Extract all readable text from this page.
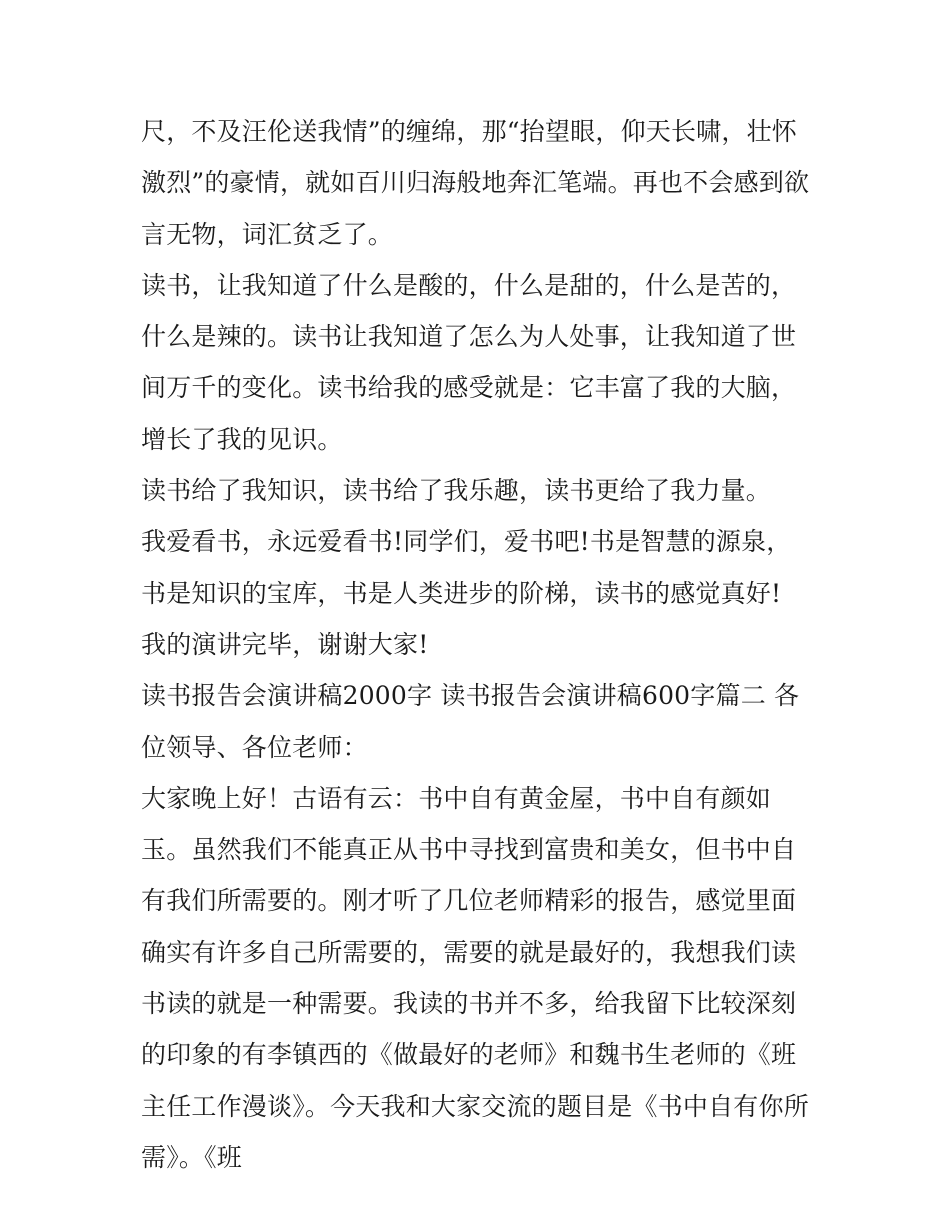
尺，不及汪伦送我情”的缠绵，那“抬望眼，仰天长啸，壮怀激烈”的豪情，就如百川归海般地奔汇笔端。再也不会感到欲言无物，词汇贫乏了。

读书，让我知道了什么是酸的，什么是甜的，什么是苦的，什么是辣的。读书让我知道了怎么为人处事，让我知道了世间万千的变化。读书给我的感受就是：它丰富了我的大脑，增长了我的见识。

读书给了我知识，读书给了我乐趣，读书更给了我力量。

我爱看书，永远爱看书!同学们，爱书吧!书是智慧的源泉，书是知识的宝库，书是人类进步的阶梯，读书的感觉真好! 我的演讲完毕，谢谢大家!

读书报告会演讲稿2000字 读书报告会演讲稿600字篇二 各位领导、各位老师：

大家晚上好！古语有云：书中自有黄金屋，书中自有颜如玉。虽然我们不能真正从书中寻找到富贵和美女，但书中自有我们所需要的。刚才听了几位老师精彩的报告，感觉里面确实有许多自己所需要的，需要的就是最好的，我想我们读书读的就是一种需要。我读的书并不多，给我留下比较深刻的印象的有李镇西的《做最好的老师》和魏书生老师的《班主任工作漫谈》。今天我和大家交流的题目是《书中自有你所需》。《班
